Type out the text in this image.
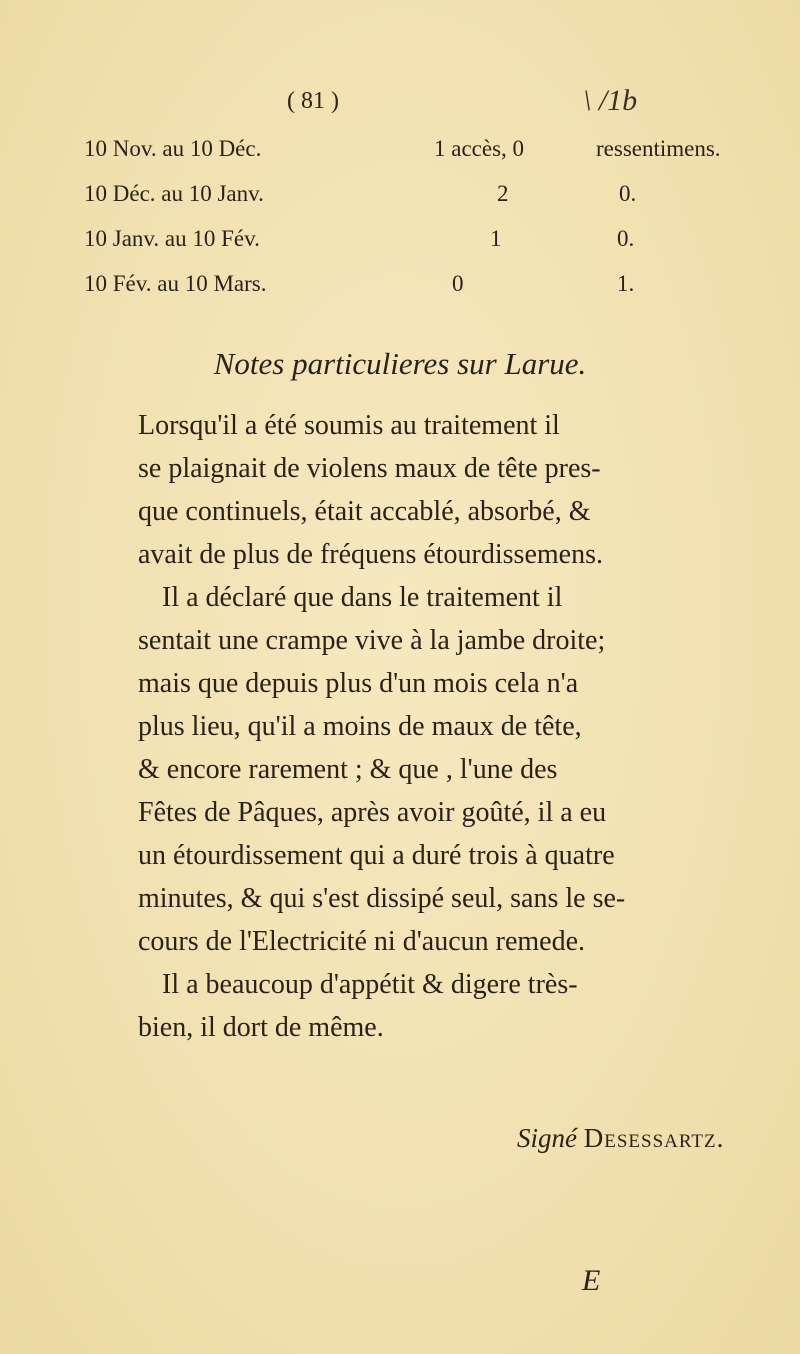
( 81 )	\ /1b
10 Nov. au 10 Déc.	1 accès, 0	ressentimens.
10 Déc. au 10 Janv.	2	0.
10 Janv. au 10 Fév.	1	0.
10 Fév. au 10 Mars.	0	1.
Notes particulieres sur Larue.
Lorsqu'il a été soumis au traitement il
se plaignait de violens maux de tête pres-
que continuels, était accablé, absorbé, &
avait de plus de fréquens étourdissemens.
Il a déclaré que dans le traitement il
sentait une crampe vive à la jambe droite;
mais que depuis plus d'un mois cela n'a
plus lieu, qu'il a moins de maux de tête,
& encore rarement ; & que , l'une des
Fêtes de Pâques, après avoir goûté, il a eu
un étourdissement qui a duré trois à quatre
minutes, & qui s'est dissipé seul, sans le se-
cours de l'Electricité ni d'aucun remede.
Il a beaucoup d'appétit & digere très-
bien, il dort de même.
Signé Desessartz.
E
